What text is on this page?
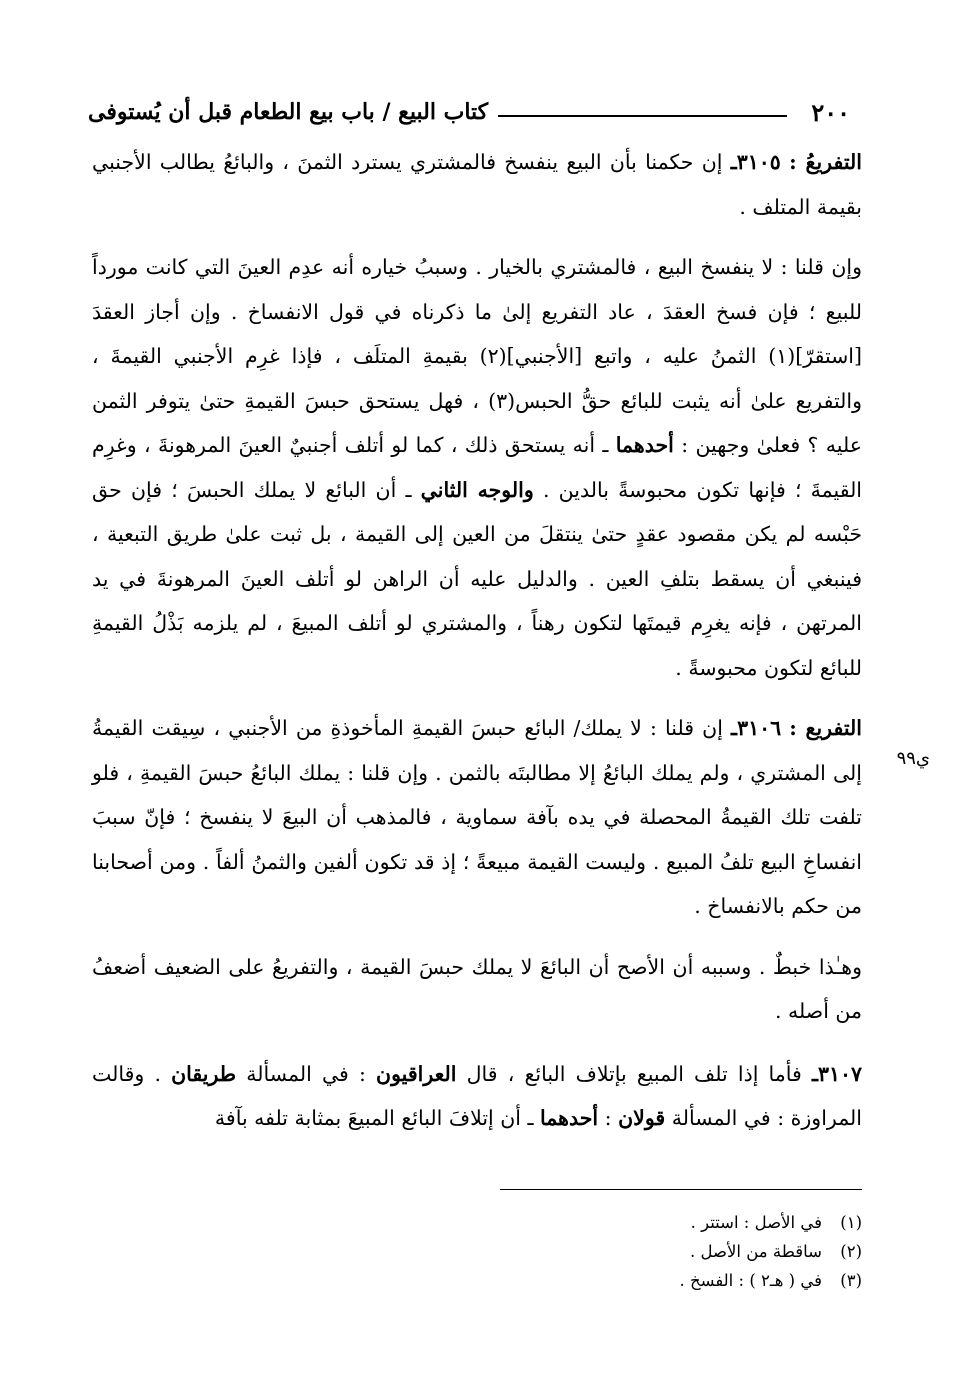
٢٠٠
كتاب البيع / باب بيع الطعام قبل أن يُستوفى
ي٩٩

التفريعُ : ٣١٠٥ـ إن حكمنا بأن البيع ينفسخ فالمشتري يسترد الثمنَ ، والبائعُ يطالب الأجنبي بقيمة المتلف .

وإن قلنا : لا ينفسخ البيع ، فالمشتري بالخيار . وسببُ خياره أنه عدِم العينَ التي كانت مورداً للبيع ؛ فإن فسخ العقدَ ، عاد التفريع إلىٰ ما ذكرناه في قول الانفساخ . وإن أجاز العقدَ [استقرّ](١) الثمنُ عليه ، واتبع [الأجنبي](٢) بقيمةِ المتلَف ، فإذا غرِم الأجنبي القيمةَ ، والتفريع علىٰ أنه يثبت للبائع حقُّ الحبس(٣) ، فهل يستحق حبسَ القيمةِ حتىٰ يتوفر الثمن عليه ؟ فعلىٰ وجهين : أحدهما ـ أنه يستحق ذلك ، كما لو أتلف أجنبيٌ العينَ المرهونةَ ، وغرِم القيمةَ ؛ فإنها تكون محبوسةً بالدين . والوجه الثاني ـ أن البائع لا يملك الحبسَ ؛ فإن حق حَبْسه لم يكن مقصود عقدٍ حتىٰ ينتقلَ من العين إلى القيمة ، بل ثبت علىٰ طريق التبعية ، فينبغي أن يسقط بتلفِ العين . والدليل عليه أن الراهن لو أتلف العينَ المرهونةَ في يد المرتهن ، فإنه يغرِم قيمتَها لتكون رهناً ، والمشتري لو أتلف المبيعَ ، لم يلزمه بَذْلُ القيمةِ للبائع لتكون محبوسةً .

التفريع : ٣١٠٦ـ إن قلنا : لا يملك/ البائع حبسَ القيمةِ المأخوذةِ من الأجنبي ، سِيقت القيمةُ إلى المشتري ، ولم يملك البائعُ إلا مطالبتَه بالثمن . وإن قلنا : يملك البائعُ حبسَ القيمةِ ، فلو تلفت تلك القيمةُ المحصلة في يده بآفة سماوية ، فالمذهب أن البيعَ لا ينفسخ ؛ فإنّ سببَ انفساخِ البيع تلفُ المبيع . وليست القيمة مبيعةً ؛ إذ قد تكون ألفين والثمنُ ألفاً . ومن أصحابنا من حكم بالانفساخ .

وهـٰذا خبطٌ . وسببه أن الأصح أن البائعَ لا يملك حبسَ القيمة ، والتفريعُ على الضعيف أضعفُ من أصله .

٣١٠٧ـ فأما إذا تلف المبيع بإتلاف البائع ، قال العراقيون : في المسألة طريقان . وقالت المراوزة : في المسألة قولان : أحدهما ـ أن إتلافَ البائع المبيعَ بمثابة تلفه بآفة

(١)
في الأصل : استتر .
(٢)
ساقطة من الأصل .
(٣)
في ( هـ٢ ) : الفسخ .
